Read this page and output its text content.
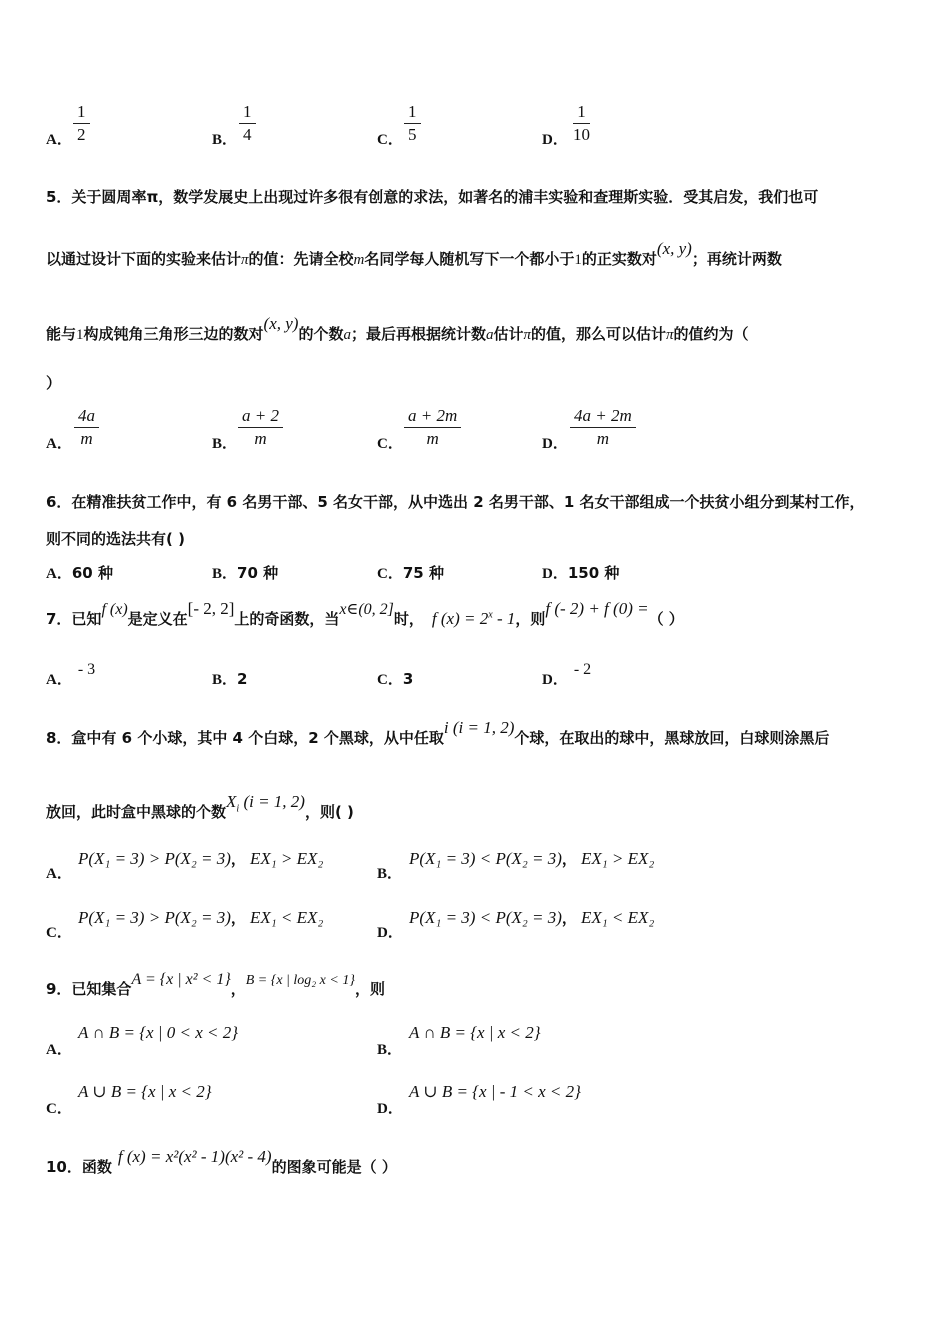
A． $\frac{1}{2}$	B． $\frac{1}{4}$	C． $\frac{1}{5}$	D． $\frac{1}{10}$
5．关于圆周率π，数学发展史上出现过许多很有创意的求法，如著名的浦丰实验和查理斯实验．受其启发，我们也可
以通过设计下面的实验来估计π的值：先请全校m名同学每人随机写下一个都小于1的正实数对(x, y)；再统计两数
能与1构成钝角三角形三边的数对(x, y)的个数a；最后再根据统计数a估计π的值，那么可以估计π的值约为（
）
A． $\frac{4a}{m}$	B． $\frac{a + 2}{m}$	C． $\frac{a + 2m}{m}$	D． $\frac{4a + 2m}{m}$
6．在精准扶贫工作中，有 6 名男干部、5 名女干部，从中选出 2 名男干部、1 名女干部组成一个扶贫小组分到某村工作，
则不同的选法共有( )
A．60 种	B．70 种	C．75 种	D．150 种
7．已知f (x)是定义在[- 2, 2]上的奇函数，当x∈(0, 2]时， f $(x) = 2^x - 1$，则f (- 2) + f (0) =（ ）
A．- 3
B．2	C．3	D．- 2
8．盒中有 6 个小球，其中 4 个白球，2 个黑球，从中任取i (i = 1, 2)个球，在取出的球中，黑球放回，白球则涂黑后
放回，此时盒中黑球的个数$X_i$ (i = 1, 2)，则( )
A．
P(X₁ = 3) > P(X₂ = 3)， EX₁ > EX₂
B．
P(X₁ = 3) < P(X₂ = 3)， EX₁ > EX₂
C．
P(X₁ = 3) > P(X₂ = 3)， EX₁ < EX₂
D．
P(X₁ = 3) < P(X₂ = 3)， EX₁ < EX₂
9．已知集合A = {x | x² < 1}，B = {x | log₂ x < 1}，则
A．
A ∩ B = {x | 0 < x < 2}
B．
A ∩ B = {x | x < 2}
C．
A ∪ B = {x | x < 2}
D．
A ∪ B = {x | - 1 < x < 2}
10．函数f (x) = x²(x² - 1)(x² - 4)的图象可能是（ ）
